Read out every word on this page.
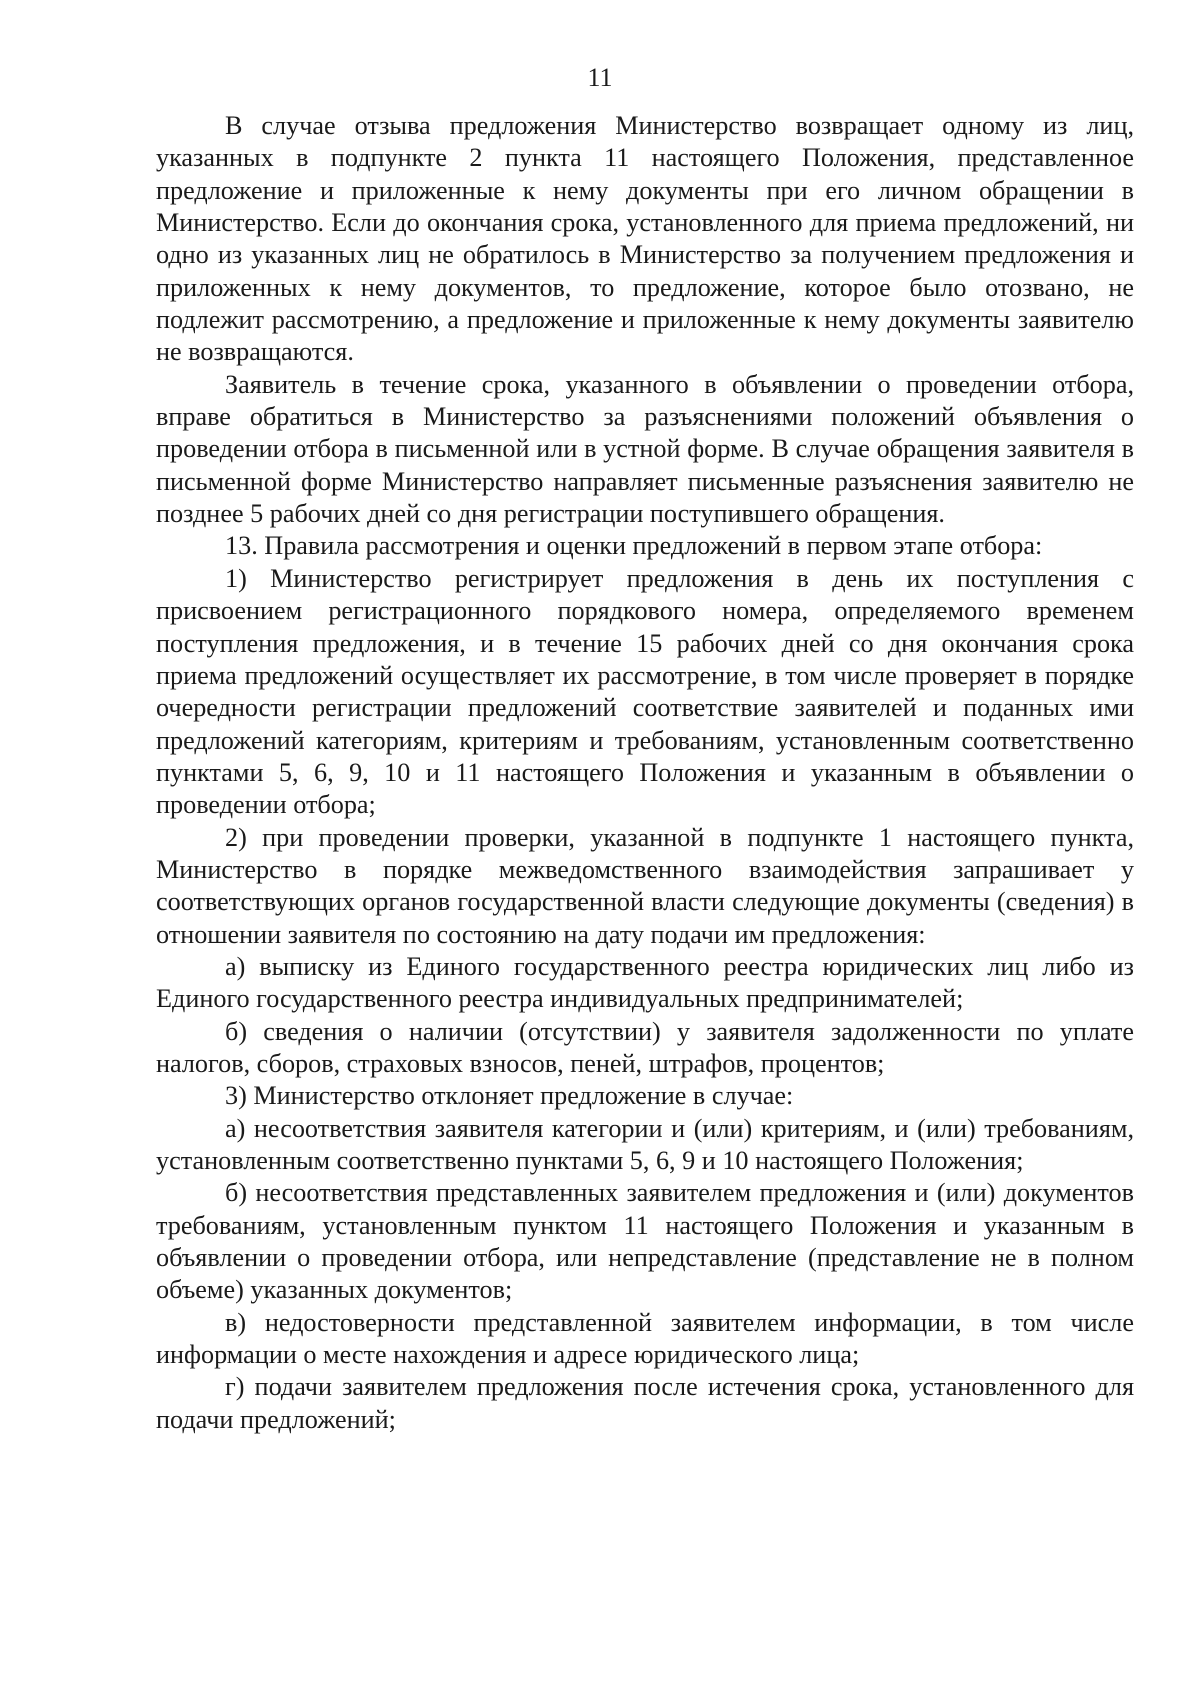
11

В случае отзыва предложения Министерство возвращает одному из лиц, указанных в подпункте 2 пункта 11 настоящего Положения, представленное предложение и приложенные к нему документы при его личном обращении в Министерство. Если до окончания срока, установленного для приема предложений, ни одно из указанных лиц не обратилось в Министерство за получением предложения и приложенных к нему документов, то предложение, которое было отозвано, не подлежит рассмотрению, а предложение и приложенные к нему документы заявителю не возвращаются.

Заявитель в течение срока, указанного в объявлении о проведении отбора, вправе обратиться в Министерство за разъяснениями положений объявления о проведении отбора в письменной или в устной форме. В случае обращения заявителя в письменной форме Министерство направляет письменные разъяснения заявителю не позднее 5 рабочих дней со дня регистрации поступившего обращения.

13. Правила рассмотрения и оценки предложений в первом этапе отбора:

1) Министерство регистрирует предложения в день их поступления с присвоением регистрационного порядкового номера, определяемого временем поступления предложения, и в течение 15 рабочих дней со дня окончания срока приема предложений осуществляет их рассмотрение, в том числе проверяет в порядке очередности регистрации предложений соответствие заявителей и поданных ими предложений категориям, критериям и требованиям, установленным соответственно пунктами 5, 6, 9, 10 и 11 настоящего Положения и указанным в объявлении о проведении отбора;

2) при проведении проверки, указанной в подпункте 1 настоящего пункта, Министерство в порядке межведомственного взаимодействия запрашивает у соответствующих органов государственной власти следующие документы (сведения) в отношении заявителя по состоянию на дату подачи им предложения:

а) выписку из Единого государственного реестра юридических лиц либо из Единого государственного реестра индивидуальных предпринимателей;

б) сведения о наличии (отсутствии) у заявителя задолженности по уплате налогов, сборов, страховых взносов, пеней, штрафов, процентов;

3) Министерство отклоняет предложение в случае:

а) несоответствия заявителя категории и (или) критериям, и (или) требованиям, установленным соответственно пунктами 5, 6, 9 и 10 настоящего Положения;

б) несоответствия представленных заявителем предложения и (или) документов требованиям, установленным пунктом 11 настоящего Положения и указанным в объявлении о проведении отбора, или непредставление (представление не в полном объеме) указанных документов;

в) недостоверности представленной заявителем информации, в том числе информации о месте нахождения и адресе юридического лица;

г) подачи заявителем предложения после истечения срока, установленного для подачи предложений;
